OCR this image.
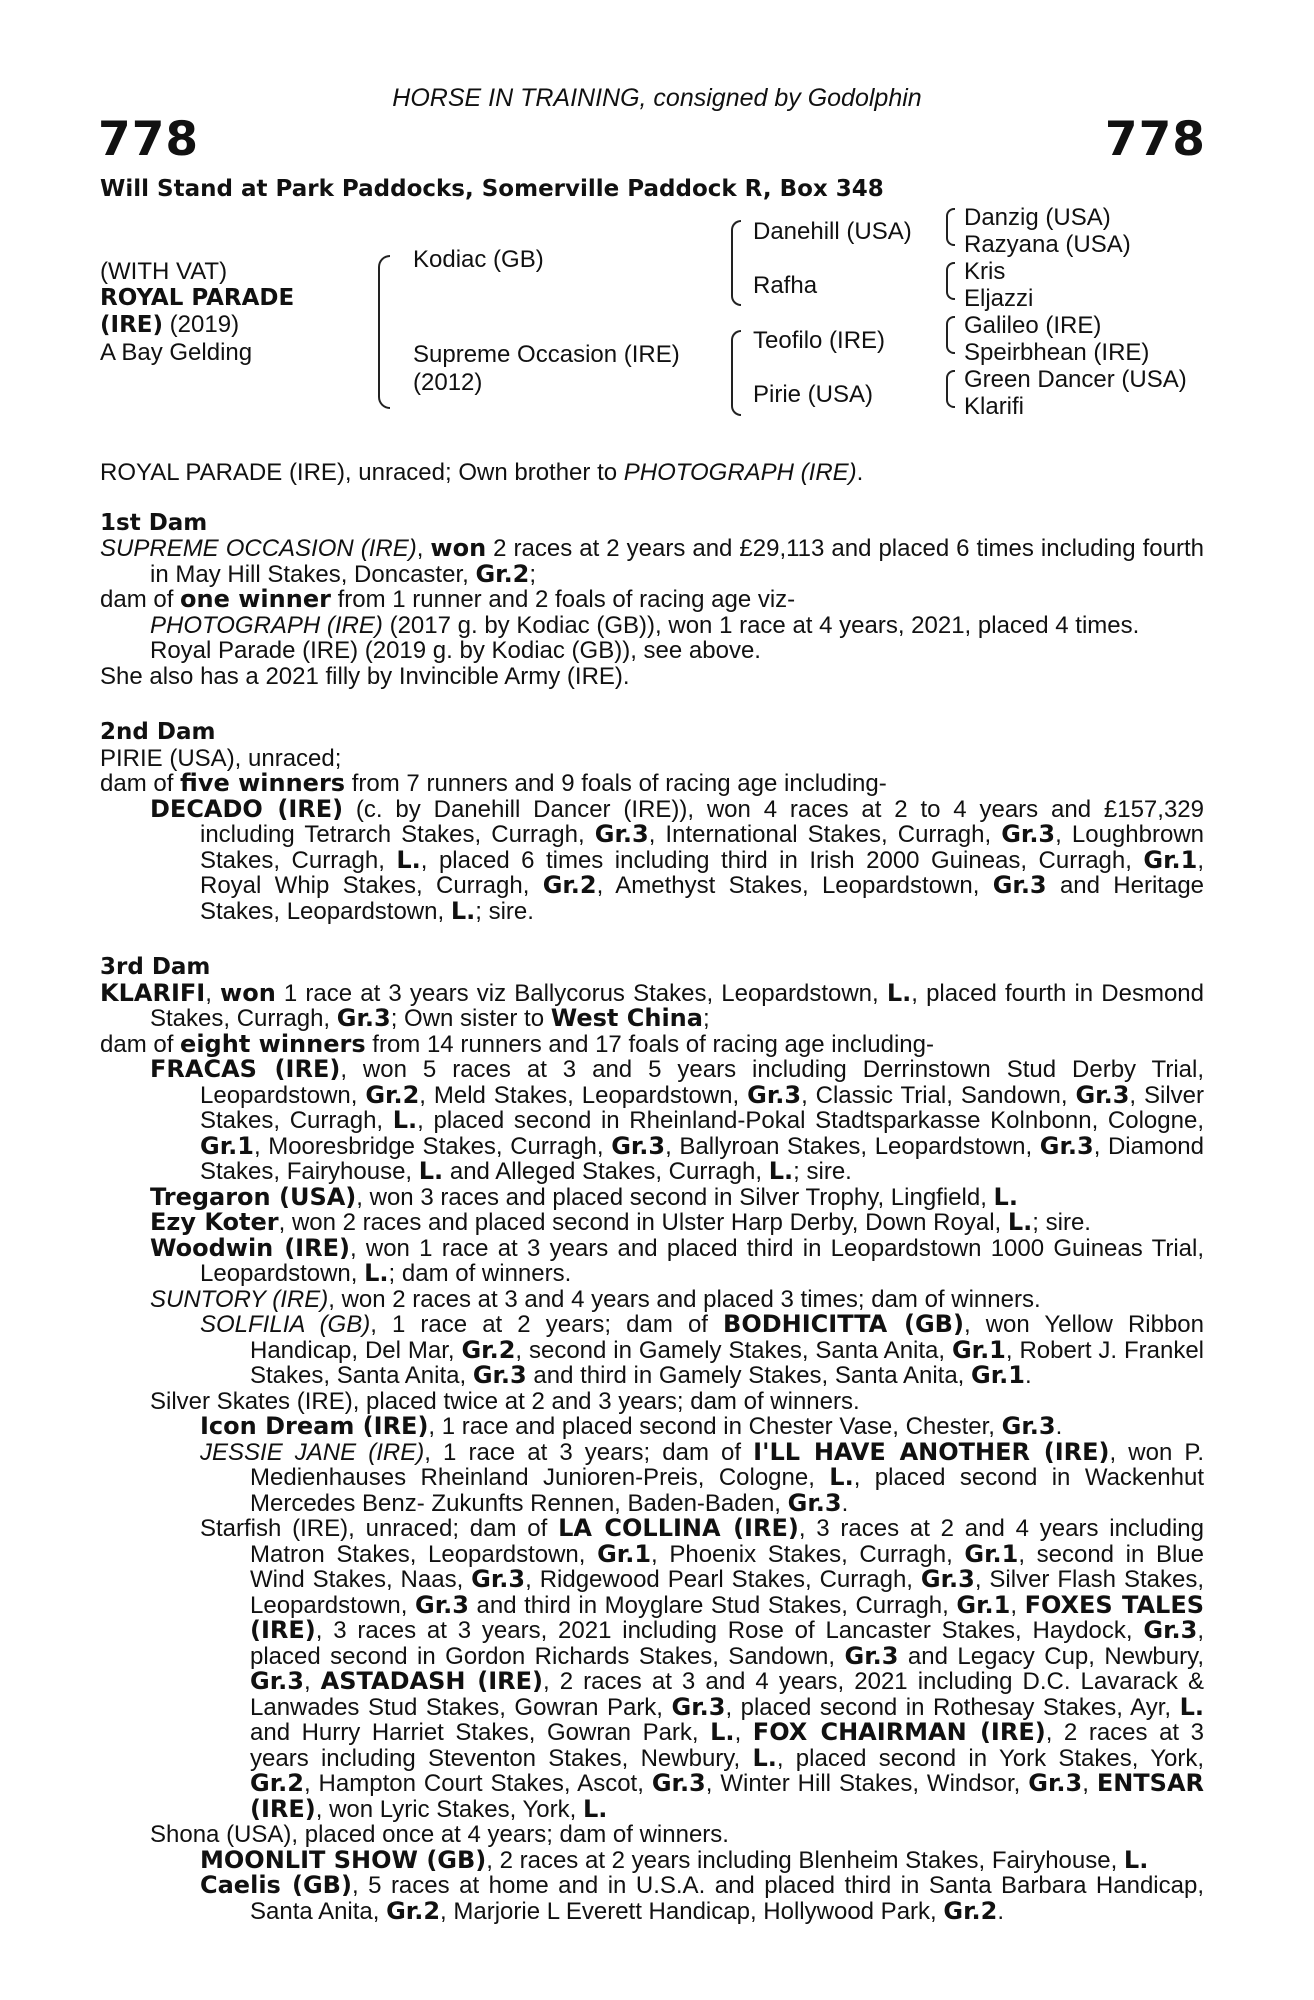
HORSE IN TRAINING, consigned by Godolphin
778	778
Will Stand at Park Paddocks, Somerville Paddock R, Box 348
(WITH VAT)
ROYAL PARADE
(IRE) (2019)
A Bay Gelding
Kodiac (GB)
Supreme Occasion (IRE)
(2012)
Danehill (USA)
Rafha
Teofilo (IRE)
Pirie (USA)
Danzig (USA)
Razyana (USA)
Kris
Eljazzi
Galileo (IRE)
Speirbhean (IRE)
Green Dancer (USA)
Klarifi

ROYAL PARADE (IRE), unraced; Own brother to PHOTOGRAPH (IRE).

1st Dam

SUPREME OCCASION (IRE), won 2 races at 2 years and £29,113 and placed 6 times including fourth in May Hill Stakes, Doncaster, Gr.2;

dam of one winner from 1 runner and 2 foals of racing age viz-

PHOTOGRAPH (IRE) (2017 g. by Kodiac (GB)), won 1 race at 4 years, 2021, placed 4 times.

Royal Parade (IRE) (2019 g. by Kodiac (GB)), see above.

She also has a 2021 filly by Invincible Army (IRE).

2nd Dam

PIRIE (USA), unraced;

dam of five winners from 7 runners and 9 foals of racing age including-

DECADO (IRE) (c. by Danehill Dancer (IRE)), won 4 races at 2 to 4 years and £157,329 including Tetrarch Stakes, Curragh, Gr.3, International Stakes, Curragh, Gr.3, Loughbrown Stakes, Curragh, L., placed 6 times including third in Irish 2000 Guineas, Curragh, Gr.1, Royal Whip Stakes, Curragh, Gr.2, Amethyst Stakes, Leopardstown, Gr.3 and Heritage Stakes, Leopardstown, L.; sire.

3rd Dam

KLARIFI, won 1 race at 3 years viz Ballycorus Stakes, Leopardstown, L., placed fourth in Desmond Stakes, Curragh, Gr.3; Own sister to West China;

dam of eight winners from 14 runners and 17 foals of racing age including-

FRACAS (IRE), won 5 races at 3 and 5 years including Derrinstown Stud Derby Trial, Leopardstown, Gr.2, Meld Stakes, Leopardstown, Gr.3, Classic Trial, Sandown, Gr.3, Silver Stakes, Curragh, L., placed second in Rheinland-Pokal Stadtsparkasse Kolnbonn, Cologne, Gr.1, Mooresbridge Stakes, Curragh, Gr.3, Ballyroan Stakes, Leopardstown, Gr.3, Diamond Stakes, Fairyhouse, L. and Alleged Stakes, Curragh, L.; sire.

Tregaron (USA), won 3 races and placed second in Silver Trophy, Lingfield, L.

Ezy Koter, won 2 races and placed second in Ulster Harp Derby, Down Royal, L.; sire.

Woodwin (IRE), won 1 race at 3 years and placed third in Leopardstown 1000 Guineas Trial, Leopardstown, L.; dam of winners.

SUNTORY (IRE), won 2 races at 3 and 4 years and placed 3 times; dam of winners.

SOLFILIA (GB), 1 race at 2 years; dam of BODHICITTA (GB), won Yellow Ribbon Handicap, Del Mar, Gr.2, second in Gamely Stakes, Santa Anita, Gr.1, Robert J. Frankel Stakes, Santa Anita, Gr.3 and third in Gamely Stakes, Santa Anita, Gr.1.

Silver Skates (IRE), placed twice at 2 and 3 years; dam of winners.

Icon Dream (IRE), 1 race and placed second in Chester Vase, Chester, Gr.3.

JESSIE JANE (IRE), 1 race at 3 years; dam of I'LL HAVE ANOTHER (IRE), won P. Medienhauses Rheinland Junioren-Preis, Cologne, L., placed second in Wackenhut Mercedes Benz- Zukunfts Rennen, Baden-Baden, Gr.3.

Starfish (IRE), unraced; dam of LA COLLINA (IRE), 3 races at 2 and 4 years including Matron Stakes, Leopardstown, Gr.1, Phoenix Stakes, Curragh, Gr.1, second in Blue Wind Stakes, Naas, Gr.3, Ridgewood Pearl Stakes, Curragh, Gr.3, Silver Flash Stakes, Leopardstown, Gr.3 and third in Moyglare Stud Stakes, Curragh, Gr.1, FOXES TALES (IRE), 3 races at 3 years, 2021 including Rose of Lancaster Stakes, Haydock, Gr.3, placed second in Gordon Richards Stakes, Sandown, Gr.3 and Legacy Cup, Newbury, Gr.3, ASTADASH (IRE), 2 races at 3 and 4 years, 2021 including D.C. Lavarack & Lanwades Stud Stakes, Gowran Park, Gr.3, placed second in Rothesay Stakes, Ayr, L. and Hurry Harriet Stakes, Gowran Park, L., FOX CHAIRMAN (IRE), 2 races at 3 years including Steventon Stakes, Newbury, L., placed second in York Stakes, York, Gr.2, Hampton Court Stakes, Ascot, Gr.3, Winter Hill Stakes, Windsor, Gr.3, ENTSAR (IRE), won Lyric Stakes, York, L.

Shona (USA), placed once at 4 years; dam of winners.

MOONLIT SHOW (GB), 2 races at 2 years including Blenheim Stakes, Fairyhouse, L.

Caelis (GB), 5 races at home and in U.S.A. and placed third in Santa Barbara Handicap, Santa Anita, Gr.2, Marjorie L Everett Handicap, Hollywood Park, Gr.2.
